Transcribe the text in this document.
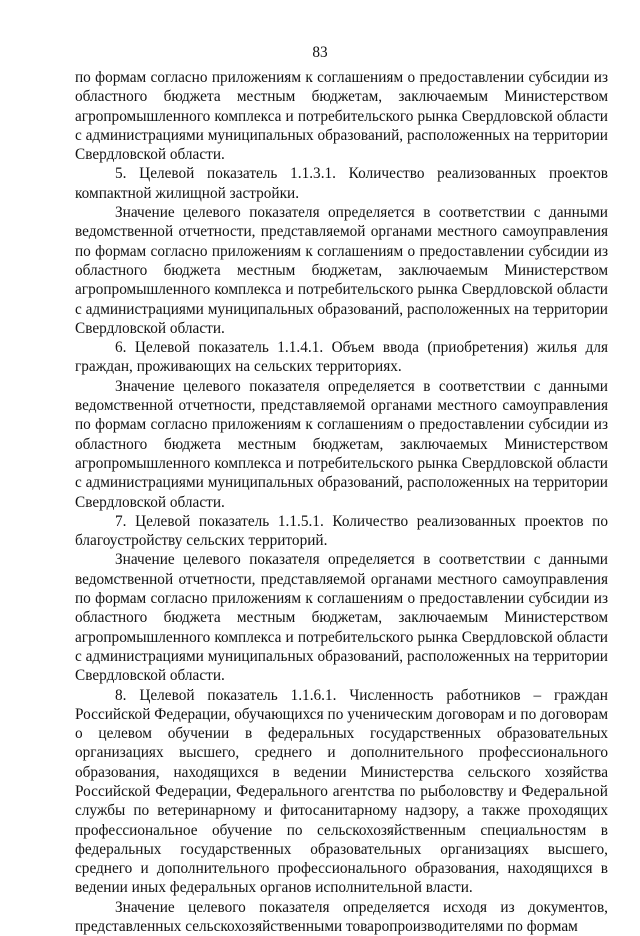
83

по формам согласно приложениям к соглашениям о предоставлении субсидии из областного бюджета местным бюджетам, заключаемым Министерством агропромышленного комплекса и потребительского рынка Свердловской области с администрациями муниципальных образований, расположенных на территории Свердловской области.

5. Целевой показатель 1.1.3.1. Количество реализованных проектов компактной жилищной застройки.

Значение целевого показателя определяется в соответствии с данными ведомственной отчетности, представляемой органами местного самоуправления по формам согласно приложениям к соглашениям о предоставлении субсидии из областного бюджета местным бюджетам, заключаемым Министерством агропромышленного комплекса и потребительского рынка Свердловской области с администрациями муниципальных образований, расположенных на территории Свердловской области.

6. Целевой показатель 1.1.4.1. Объем ввода (приобретения) жилья для граждан, проживающих на сельских территориях.

Значение целевого показателя определяется в соответствии с данными ведомственной отчетности, представляемой органами местного самоуправления по формам согласно приложениям к соглашениям о предоставлении субсидии из областного бюджета местным бюджетам, заключаемых Министерством агропромышленного комплекса и потребительского рынка Свердловской области с администрациями муниципальных образований, расположенных на территории Свердловской области.

7. Целевой показатель 1.1.5.1. Количество реализованных проектов по благоустройству сельских территорий.

Значение целевого показателя определяется в соответствии с данными ведомственной отчетности, представляемой органами местного самоуправления по формам согласно приложениям к соглашениям о предоставлении субсидии из областного бюджета местным бюджетам, заключаемым Министерством агропромышленного комплекса и потребительского рынка Свердловской области с администрациями муниципальных образований, расположенных на территории Свердловской области.

8. Целевой показатель 1.1.6.1. Численность работников – граждан Российской Федерации, обучающихся по ученическим договорам и по договорам о целевом обучении в федеральных государственных образовательных организациях высшего, среднего и дополнительного профессионального образования, находящихся в ведении Министерства сельского хозяйства Российской Федерации, Федерального агентства по рыболовству и Федеральной службы по ветеринарному и фитосанитарному надзору, а также проходящих профессиональное обучение по сельскохозяйственным специальностям в федеральных государственных образовательных организациях высшего, среднего и дополнительного профессионального образования, находящихся в ведении иных федеральных органов исполнительной власти.

Значение целевого показателя определяется исходя из документов, представленных сельскохозяйственными товаропроизводителями по формам
